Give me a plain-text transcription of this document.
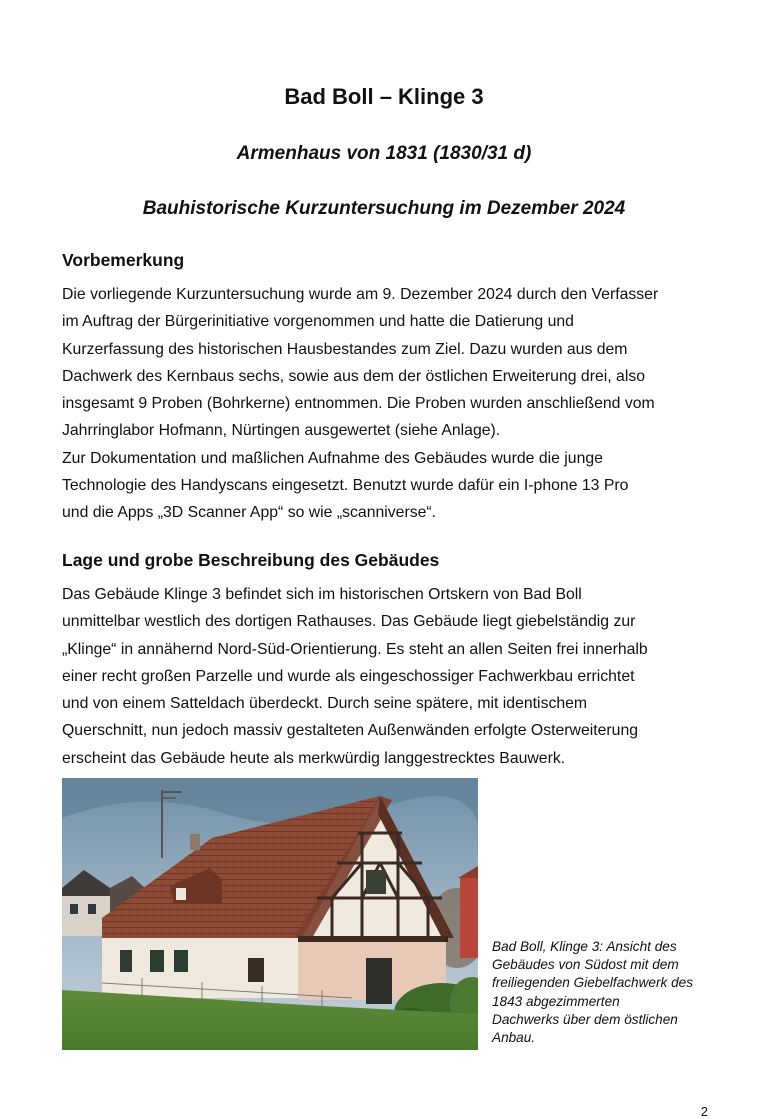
Bad Boll – Klinge 3
Armenhaus von 1831 (1830/31 d)
Bauhistorische Kurzuntersuchung im Dezember 2024
Vorbemerkung
Die vorliegende Kurzuntersuchung wurde am 9. Dezember 2024 durch den Verfasser
im Auftrag der Bürgerinitiative vorgenommen und hatte die Datierung und
Kurzerfassung des historischen Hausbestandes zum Ziel. Dazu wurden aus dem
Dachwerk des Kernbaus sechs, sowie aus dem der östlichen Erweiterung drei, also
insgesamt 9 Proben (Bohrkerne) entnommen. Die Proben wurden anschließend vom
Jahrringlabor Hofmann, Nürtingen ausgewertet (siehe Anlage).
Zur Dokumentation und maßlichen Aufnahme des Gebäudes wurde die junge
Technologie des Handyscans eingesetzt. Benutzt wurde dafür ein I-phone 13 Pro
und die Apps „3D Scanner App“ so wie „scanniverse“.
Lage und grobe Beschreibung des Gebäudes
Das Gebäude Klinge 3 befindet sich im historischen Ortskern von Bad Boll
unmittelbar westlich des dortigen Rathauses. Das Gebäude liegt giebelständig zur
„Klinge“ in annähernd Nord-Süd-Orientierung. Es steht an allen Seiten frei innerhalb
einer recht großen Parzelle und wurde als eingeschossiger Fachwerkbau errichtet
und von einem Satteldach überdeckt. Durch seine spätere, mit identischem
Querschnitt, nun jedoch massiv gestalteten Außenwänden erfolgte Osterweiterung
erscheint das Gebäude heute als merkwürdig langgestrecktes Bauwerk.
Bad Boll, Klinge 3: Ansicht des
Gebäudes von Südost mit dem
freiliegenden Giebelfachwerk des
1843 abgezimmerten
Dachwerks über dem östlichen
Anbau.
2
